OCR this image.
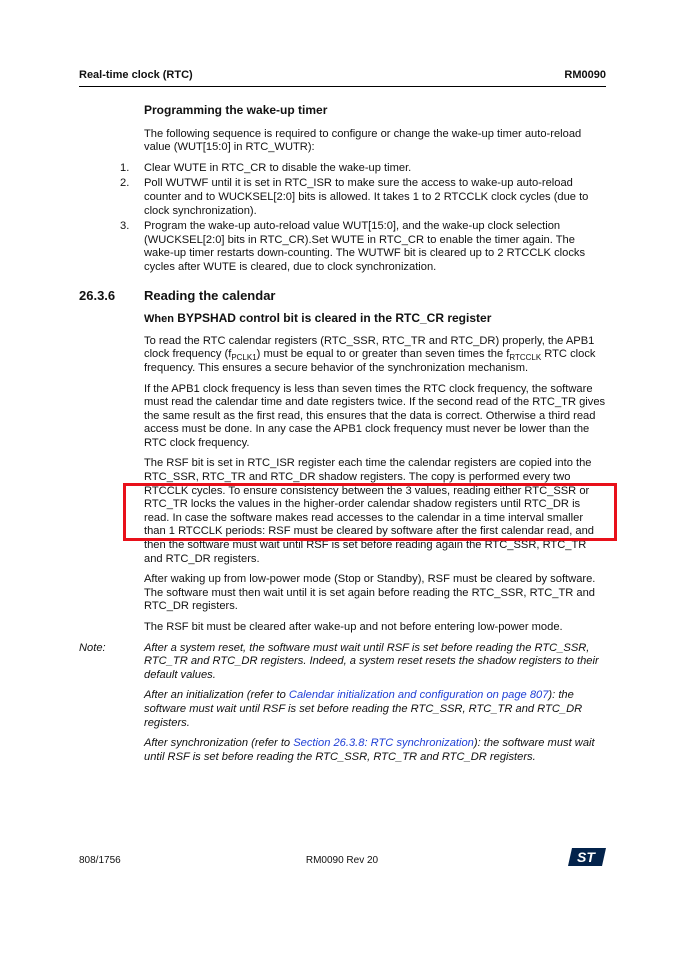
Real-time clock (RTC)	RM0090
Programming the wake-up timer

The following sequence is required to configure or change the wake-up timer auto-reload value (WUT[15:0] in RTC_WUTR):

1.	Clear WUTE in RTC_CR to disable the wake-up timer.
2.	Poll WUTWF until it is set in RTC_ISR to make sure the access to wake-up auto-reload counter and to WUCKSEL[2:0] bits is allowed. It takes 1 to 2 RTCCLK clock cycles (due to clock synchronization).
3.	Program the wake-up auto-reload value WUT[15:0], and the wake-up clock selection (WUCKSEL[2:0] bits in RTC_CR).Set WUTE in RTC_CR to enable the timer again. The wake-up timer restarts down-counting. The WUTWF bit is cleared up to 2 RTCCLK clocks cycles after WUTE is cleared, due to clock synchronization.
26.3.6 Reading the calendar
When BYPSHAD control bit is cleared in the RTC_CR register

To read the RTC calendar registers (RTC_SSR, RTC_TR and RTC_DR) properly, the APB1 clock frequency $(f_{PCLK1})$ must be equal to or greater than seven times the $f_{RTCCLK}$ RTC clock frequency. This ensures a secure behavior of the synchronization mechanism.

If the APB1 clock frequency is less than seven times the RTC clock frequency, the software must read the calendar time and date registers twice. If the second read of the RTC_TR gives the same result as the first read, this ensures that the data is correct. Otherwise a third read access must be done. In any case the APB1 clock frequency must never be lower than the RTC clock frequency.

The RSF bit is set in RTC_ISR register each time the calendar registers are copied into the RTC_SSR, RTC_TR and RTC_DR shadow registers. The copy is performed every two RTCCLK cycles. To ensure consistency between the 3 values, reading either RTC_SSR or RTC_TR locks the values in the higher-order calendar shadow registers until RTC_DR is read. In case the software makes read accesses to the calendar in a time interval smaller than 1 RTCCLK periods: RSF must be cleared by software after the first calendar read, and then the software must wait until RSF is set before reading again the RTC_SSR, RTC_TR and RTC_DR registers.

After waking up from low-power mode (Stop or Standby), RSF must be cleared by software. The software must then wait until it is set again before reading the RTC_SSR, RTC_TR and RTC_DR registers.

The RSF bit must be cleared after wake-up and not before entering low-power mode.

Note:	After a system reset, the software must wait until RSF is set before reading the RTC_SSR, RTC_TR and RTC_DR registers. Indeed, a system reset resets the shadow registers to their default values.

After an initialization (refer to Calendar initialization and configuration on page 807): the software must wait until RSF is set before reading the RTC_SSR, RTC_TR and RTC_DR registers.

After synchronization (refer to Section 26.3.8: RTC synchronization): the software must wait until RSF is set before reading the RTC_SSR, RTC_TR and RTC_DR registers.

808/1756	RM0090 Rev 20	ST
